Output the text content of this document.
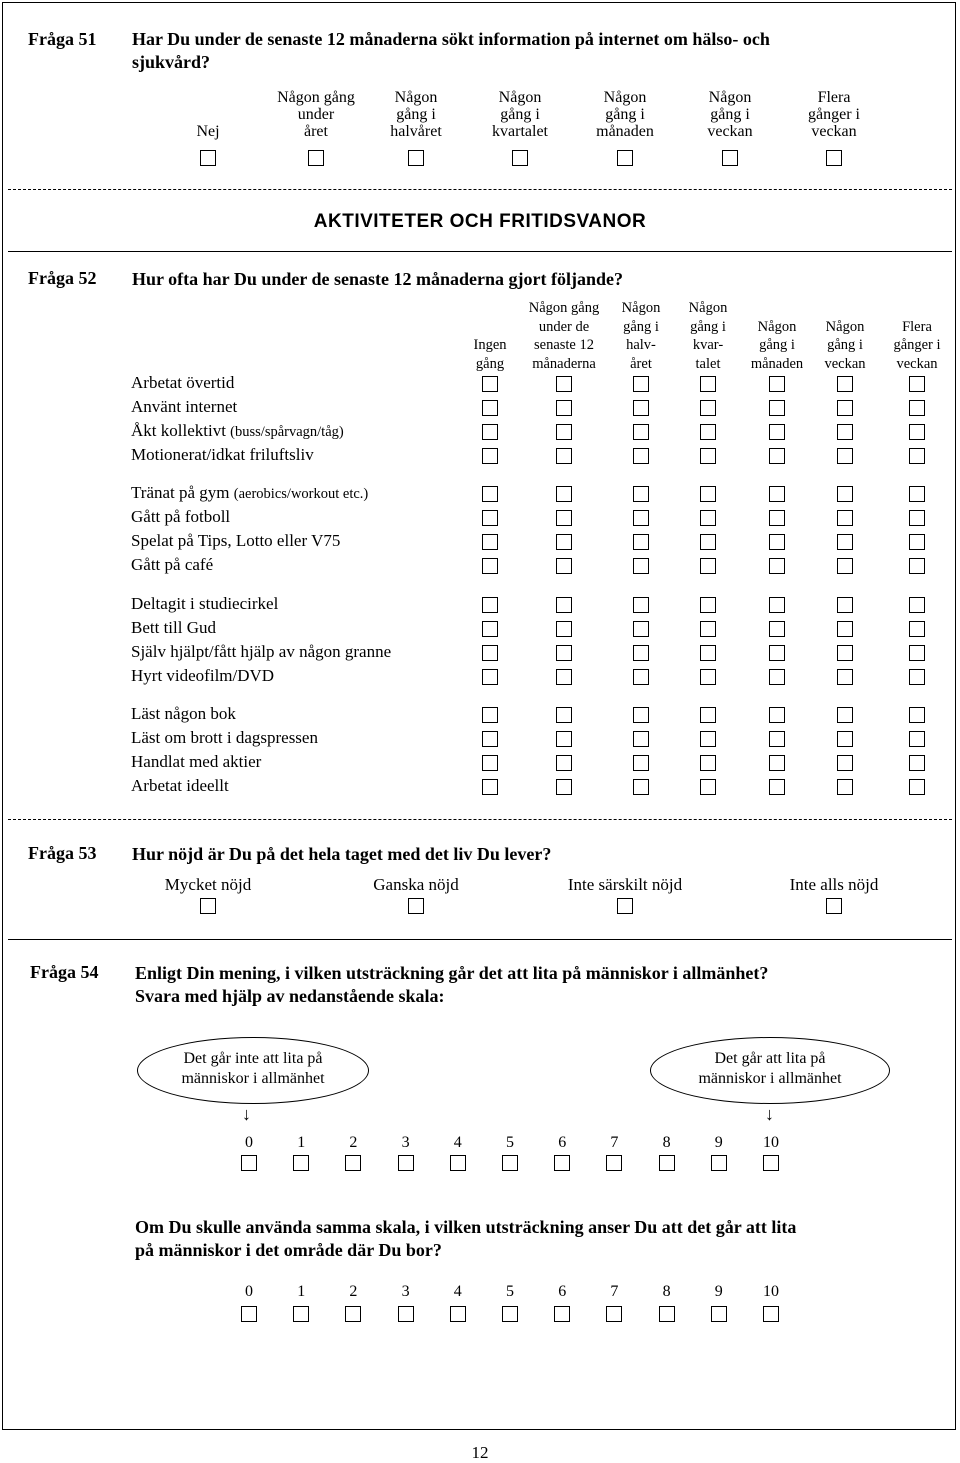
Fråga 51 Har Du under de senaste 12 månaderna sökt information på internet om hälso- och
sjukvård?
Nej
Någon gång
under
året
Någon
gång i
halvåret
Någon
gång i
kvartalet
Någon
gång i
månaden
Någon
gång i
veckan
Flera
gånger i
veckan
AKTIVITETER OCH FRITIDSVANOR
Fråga 52 Hur ofta har Du under de senaste 12 månaderna gjort följande?
Ingen
gång
Någon gång
under de
senaste 12
månaderna
Någon
gång i
halv-
året
Någon
gång i
kvar-
talet
Någon
gång i
månaden
Någon
gång i
veckan
Flera
gånger i
veckan
Arbetat övertid
Använt internet
Åkt kollektivt (buss/spårvagn/tåg)
Motionerat/idkat friluftsliv
Tränat på gym (aerobics/workout etc.)
Gått på fotboll
Spelat på Tips, Lotto eller V75
Gått på café
Deltagit i studiecirkel
Bett till Gud
Själv hjälpt/fått hjälp av någon granne
Hyrt videofilm/DVD
Läst någon bok
Läst om brott i dagspressen
Handlat med aktier
Arbetat ideellt
Fråga 53 Hur nöjd är Du på det hela taget med det liv Du lever?
Mycket nöjd	Ganska nöjd	Inte särskilt nöjd	Inte alls nöjd
Fråga 54 Enligt Din mening, i vilken utsträckning går det att lita på människor i allmänhet?
Svara med hjälp av nedanstående skala:
Det går inte att lita på
människor i allmänhet
Det går att lita på
människor i allmänhet
↓	↓
0	1	2	3	4	5	6	7	8	9	10
Om Du skulle använda samma skala, i vilken utsträckning anser Du att det går att lita
på människor i det område där Du bor?
0	1	2	3	4	5	6	7	8	9	10
12
